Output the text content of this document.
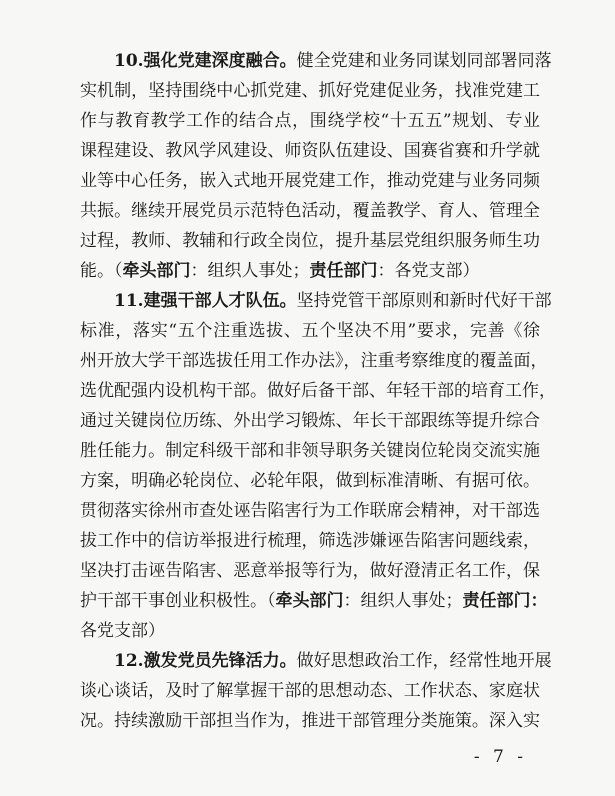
10.强化党建深度融合。健全党建和业务同谋划同部署同落
实机制，坚持围绕中心抓党建、抓好党建促业务，找准党建工
作与教育教学工作的结合点，围绕学校“十五五”规划、专业
课程建设、教风学风建设、师资队伍建设、国赛省赛和升学就
业等中心任务，嵌入式地开展党建工作，推动党建与业务同频
共振。继续开展党员示范特色活动，覆盖教学、育人、管理全
过程，教师、教辅和行政全岗位，提升基层党组织服务师生功
能。（牵头部门：组织人事处；责任部门：各党支部）
11.建强干部人才队伍。坚持党管干部原则和新时代好干部
标准，落实“五个注重选拔、五个坚决不用”要求，完善《徐
州开放大学干部选拔任用工作办法》，注重考察维度的覆盖面，
选优配强内设机构干部。做好后备干部、年轻干部的培育工作，
通过关键岗位历练、外出学习锻炼、年长干部跟练等提升综合
胜任能力。制定科级干部和非领导职务关键岗位轮岗交流实施
方案，明确必轮岗位、必轮年限，做到标准清晰、有据可依。
贯彻落实徐州市查处诬告陷害行为工作联席会精神，对干部选
拔工作中的信访举报进行梳理，筛选涉嫌诬告陷害问题线索，
坚决打击诬告陷害、恶意举报等行为，做好澄清正名工作，保
护干部干事创业积极性。（牵头部门：组织人事处；责任部门：
各党支部）
12.激发党员先锋活力。做好思想政治工作，经常性地开展
谈心谈话，及时了解掌握干部的思想动态、工作状态、家庭状
况。持续激励干部担当作为，推进干部管理分类施策。深入实
- 7 -
